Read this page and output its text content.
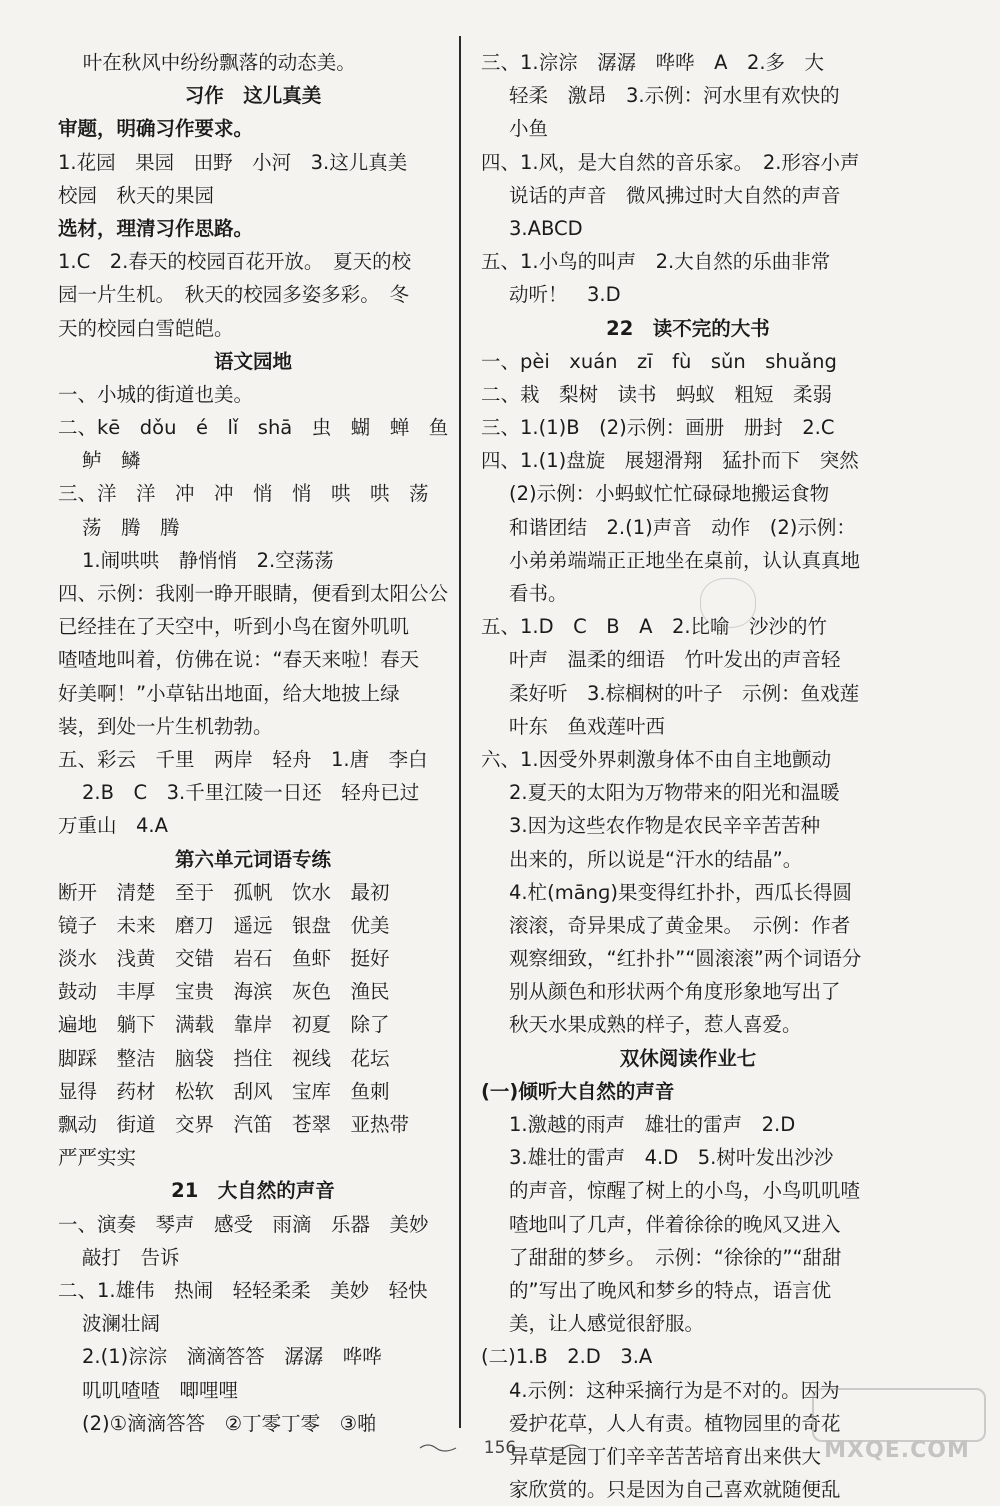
叶在秋风中纷纷飘落的动态美。
习作　这儿真美
审题，明确习作要求。
1.花园　果园　田野　小河　3.这儿真美
校园　秋天的果园
选材，理清习作思路。
1.C　2.春天的校园百花开放。　夏天的校
园一片生机。　秋天的校园多姿多彩。　冬
天的校园白雪皑皑。
语文园地
一、小城的街道也美。
二、kē　dǒu　é　lǐ　shā　虫　蝴　蝉　鱼
鲈　鳞
三、洋　洋　冲　冲　悄　悄　哄　哄　荡
荡　腾　腾
1.闹哄哄　静悄悄　2.空荡荡
四、示例：我刚一睁开眼睛，便看到太阳公公
已经挂在了天空中，听到小鸟在窗外叽叽
喳喳地叫着，仿佛在说：“春天来啦！春天
好美啊！”小草钻出地面，给大地披上绿
装，到处一片生机勃勃。
五、彩云　千里　两岸　轻舟　1.唐　李白
2.B　C　3.千里江陵一日还　轻舟已过
万重山　4.A
第六单元词语专练
断开　清楚　至于　孤帆　饮水　最初
镜子　未来　磨刀　遥远　银盘　优美
淡水　浅黄　交错　岩石　鱼虾　挺好
鼓动　丰厚　宝贵　海滨　灰色　渔民
遍地　躺下　满载　靠岸　初夏　除了
脚踩　整洁　脑袋　挡住　视线　花坛
显得　药材　松软　刮风　宝库　鱼刺
飘动　街道　交界　汽笛　苍翠　亚热带
严严实实
21　大自然的声音
一、演奏　琴声　感受　雨滴　乐器　美妙
敲打　告诉
二、1.雄伟　热闹　轻轻柔柔　美妙　轻快
波澜壮阔
2.(1)淙淙　滴滴答答　潺潺　哗哗
叽叽喳喳　唧哩哩
(2)①滴滴答答　②丁零丁零　③啪
三、1.淙淙　潺潺　哗哗　A　2.多　大
轻柔　激昂　3.示例：河水里有欢快的
小鱼
四、1.风，是大自然的音乐家。　2.形容小声
说话的声音　微风拂过时大自然的声音
3.ABCD
五、1.小鸟的叫声　2.大自然的乐曲非常
动听！　3.D
22　读不完的大书
一、pèi　xuán　zī　fù　sǔn　shuǎng
二、栽　梨树　读书　蚂蚁　粗短　柔弱
三、1.(1)B　(2)示例：画册　册封　2.C
四、1.(1)盘旋　展翅滑翔　猛扑而下　突然
(2)示例：小蚂蚁忙忙碌碌地搬运食物
和谐团结　2.(1)声音　动作　(2)示例：
小弟弟端端正正地坐在桌前，认认真真地
看书。
五、1.D　C　B　A　2.比喻　沙沙的竹
叶声　温柔的细语　竹叶发出的声音轻
柔好听　3.棕榈树的叶子　示例：鱼戏莲
叶东　鱼戏莲叶西
六、1.因受外界刺激身体不由自主地颤动
2.夏天的太阳为万物带来的阳光和温暖
3.因为这些农作物是农民辛辛苦苦种
出来的，所以说是“汗水的结晶”。
4.杧(mānɡ)果变得红扑扑，西瓜长得圆
滚滚，奇异果成了黄金果。　示例：作者
观察细致，“红扑扑”“圆滚滚”两个词语分
别从颜色和形状两个角度形象地写出了
秋天水果成熟的样子，惹人喜爱。
双休阅读作业七
(一)倾听大自然的声音
1.激越的雨声　雄壮的雷声　2.D
3.雄壮的雷声　4.D　5.树叶发出沙沙
的声音，惊醒了树上的小鸟，小鸟叽叽喳
喳地叫了几声，伴着徐徐的晚风又进入
了甜甜的梦乡。　示例：“徐徐的”“甜甜
的”写出了晚风和梦乡的特点，语言优
美，让人感觉很舒服。
(二)1.B　2.D　3.A
4.示例：这种采摘行为是不对的。因为
爱护花草，人人有责。植物园里的奇花
异草是园丁们辛辛苦苦培育出来供大
家欣赏的。只是因为自己喜欢就随便乱
156	MXQE.COM
